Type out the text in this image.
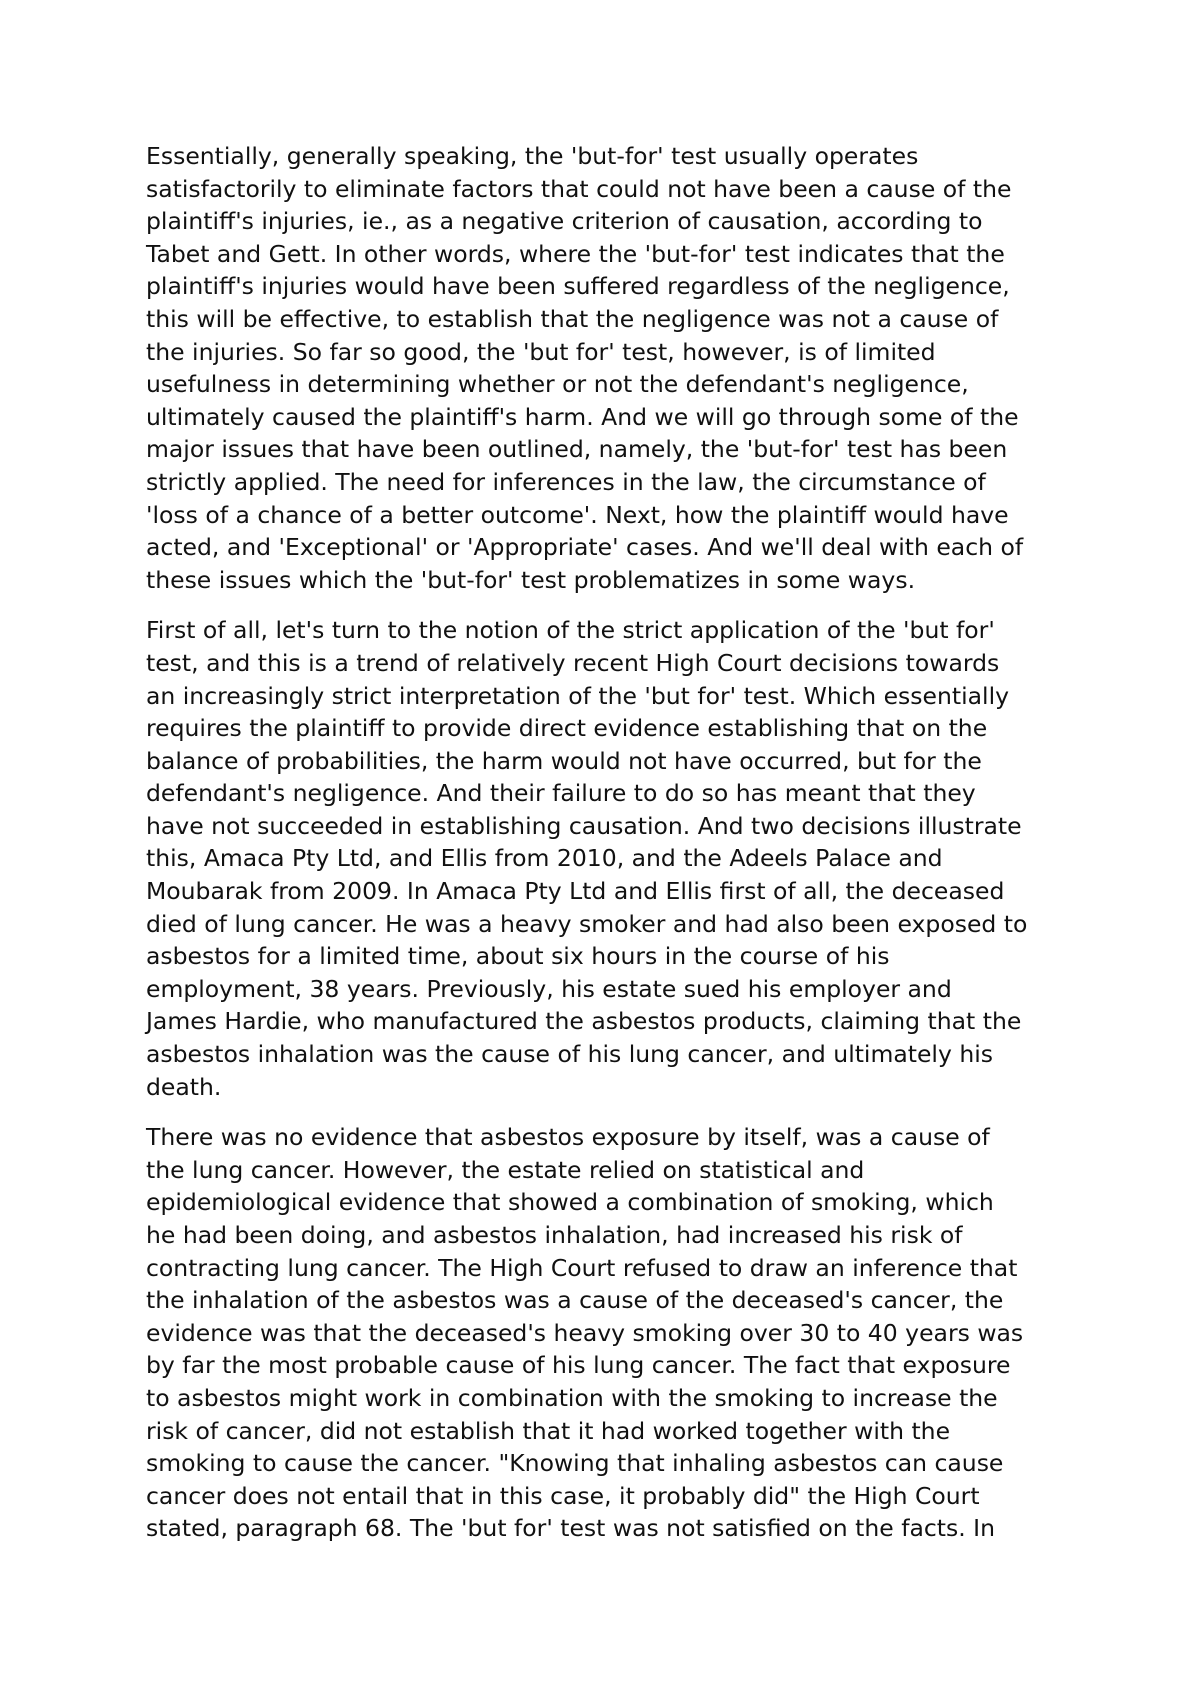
Essentially, generally speaking, the 'but-for' test usually operates
satisfactorily to eliminate factors that could not have been a cause of the
plaintiff's injuries, ie., as a negative criterion of causation, according to
Tabet and Gett. In other words, where the 'but-for' test indicates that the
plaintiff's injuries would have been suffered regardless of the negligence,
this will be effective, to establish that the negligence was not a cause of
the injuries. So far so good, the 'but for' test, however, is of limited
usefulness in determining whether or not the defendant's negligence,
ultimately caused the plaintiff's harm. And we will go through some of the
major issues that have been outlined, namely, the 'but-for' test has been
strictly applied. The need for inferences in the law, the circumstance of
'loss of a chance of a better outcome'. Next, how the plaintiff would have
acted, and 'Exceptional' or 'Appropriate' cases. And we'll deal with each of
these issues which the 'but-for' test problematizes in some ways.

First of all, let's turn to the notion of the strict application of the 'but for'
test, and this is a trend of relatively recent High Court decisions towards
an increasingly strict interpretation of the 'but for' test. Which essentially
requires the plaintiff to provide direct evidence establishing that on the
balance of probabilities, the harm would not have occurred, but for the
defendant's negligence. And their failure to do so has meant that they
have not succeeded in establishing causation. And two decisions illustrate
this, Amaca Pty Ltd, and Ellis from 2010, and the Adeels Palace and
Moubarak from 2009. In Amaca Pty Ltd and Ellis first of all, the deceased
died of lung cancer. He was a heavy smoker and had also been exposed to
asbestos for a limited time, about six hours in the course of his
employment, 38 years. Previously, his estate sued his employer and
James Hardie, who manufactured the asbestos products, claiming that the
asbestos inhalation was the cause of his lung cancer, and ultimately his
death.

There was no evidence that asbestos exposure by itself, was a cause of
the lung cancer. However, the estate relied on statistical and
epidemiological evidence that showed a combination of smoking, which
he had been doing, and asbestos inhalation, had increased his risk of
contracting lung cancer. The High Court refused to draw an inference that
the inhalation of the asbestos was a cause of the deceased's cancer, the
evidence was that the deceased's heavy smoking over 30 to 40 years was
by far the most probable cause of his lung cancer. The fact that exposure
to asbestos might work in combination with the smoking to increase the
risk of cancer, did not establish that it had worked together with the
smoking to cause the cancer. "Knowing that inhaling asbestos can cause
cancer does not entail that in this case, it probably did" the High Court
stated, paragraph 68. The 'but for' test was not satisfied on the facts. In
